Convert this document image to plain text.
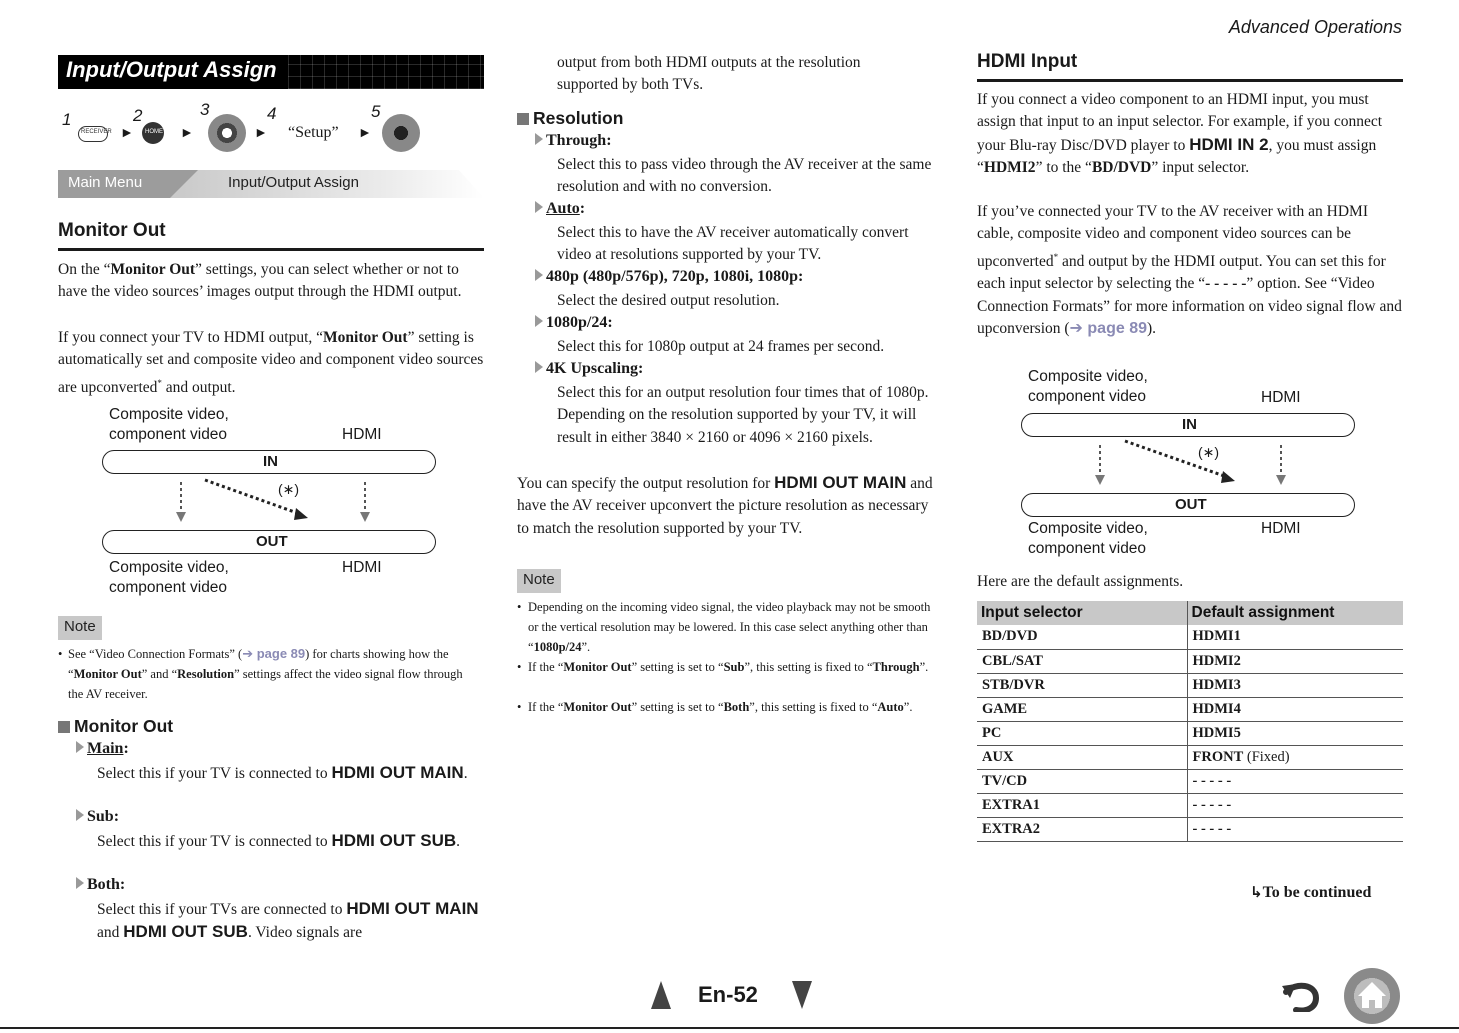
Advanced Operations
Input/Output Assign
1
RECEIVER ►
2
HOME ►
3
►
4
“Setup” ►
5
Main Menu	Input/Output Assign
Monitor Out
On the “Monitor Out” settings, you can select whether or not to have the video sources’ images output through the HDMI output.
If you connect your TV to HDMI output, “Monitor Out” setting is automatically set and composite video and component video sources are upconverted* and output.
Composite video,
component video	HDMI
IN
(∗)
OUT
Composite video,
component video
HDMI
Note
• See “Video Connection Formats” (➔ page 89) for charts showing how the “Monitor Out” and “Resolution” settings affect the video signal flow through the AV receiver.
Monitor Out
Main:
Select this if your TV is connected to HDMI OUT MAIN.
Sub:
Select this if your TV is connected to HDMI OUT SUB.
Both:
Select this if your TVs are connected to HDMI OUT MAIN and HDMI OUT SUB. Video signals are
output from both HDMI outputs at the resolution supported by both TVs.
Resolution
Through:
Select this to pass video through the AV receiver at the same resolution and with no conversion.
Auto:
Select this to have the AV receiver automatically convert video at resolutions supported by your TV.
480p (480p/576p), 720p, 1080i, 1080p:
Select the desired output resolution.
1080p/24:
Select this for 1080p output at 24 frames per second.
4K Upscaling:
Select this for an output resolution four times that of 1080p. Depending on the resolution supported by your TV, it will result in either 3840 × 2160 or 4096 × 2160 pixels.
You can specify the output resolution for HDMI OUT MAIN and have the AV receiver upconvert the picture resolution as necessary to match the resolution supported by your TV.
Note
• Depending on the incoming video signal, the video playback may not be smooth or the vertical resolution may be lowered. In this case select anything other than “1080p/24”.
• If the “Monitor Out” setting is set to “Sub”, this setting is fixed to “Through”.
• If the “Monitor Out” setting is set to “Both”, this setting is fixed to “Auto”.
HDMI Input
If you connect a video component to an HDMI input, you must assign that input to an input selector. For example, if you connect your Blu-ray Disc/DVD player to HDMI IN 2, you must assign “HDMI2” to the “BD/DVD” input selector.
If you’ve connected your TV to the AV receiver with an HDMI cable, composite video and component video sources can be upconverted* and output by the HDMI output. You can set this for each input selector by selecting the “- - - - -” option. See “Video Connection Formats” for more information on video signal flow and upconversion (➔ page 89).
Composite video,
component video	HDMI
IN
(∗)
OUT
Composite video,
component video
HDMI
Here are the default assignments.
Input selector	Default assignment
BD/DVD	HDMI1
CBL/SAT	HDMI2
STB/DVR	HDMI3
GAME	HDMI4
PC	HDMI5
AUX	FRONT (Fixed)
TV/CD	- - - - -
EXTRA1	- - - - -
EXTRA2	- - - - -
↳To be continued
En-52
